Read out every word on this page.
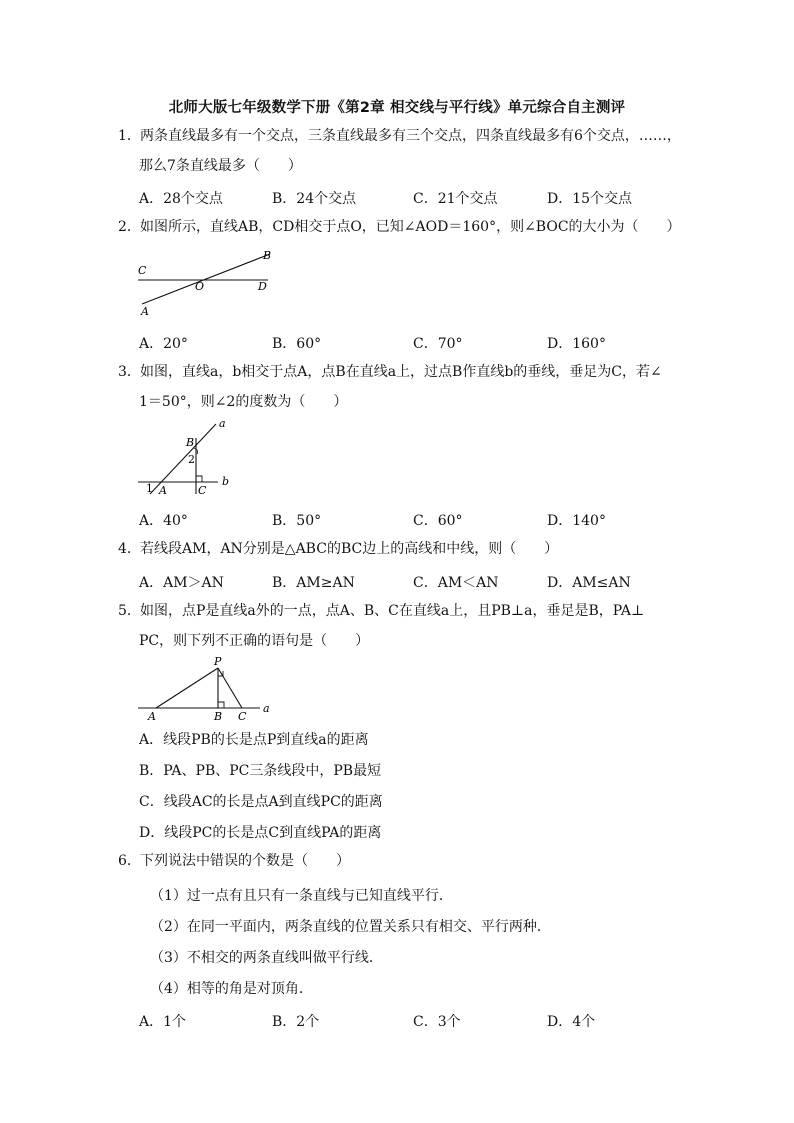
北师大版七年级数学下册《第2章 相交线与平行线》单元综合自主测评
1．两条直线最多有一个交点，三条直线最多有三个交点，四条直线最多有6个交点，……，
那么7条直线最多（　　）
A．28个交点	B．24个交点	C．21个交点	D．15个交点
2．如图所示，直线AB，CD相交于点O，已知∠AOD＝160°，则∠BOC的大小为（　　）
C
B
O	D
A
A．20°	B．60°	C．70°	D．160°
3．如图，直线a，b相交于点A，点B在直线a上，过点B作直线b的垂线，垂足为C，若∠
1＝50°，则∠2的度数为（　　）
a
B
2
1 A	C
b
A．40°	B．50°	C．60°	D．140°
4．若线段AM，AN分别是△ABC的BC边上的高线和中线，则（　　）
A．AM＞AN	B．AM≥AN	C．AM＜AN	D．AM≤AN
5．如图，点P是直线a外的一点，点A、B、C在直线a上，且PB⊥a，垂足是B，PA⊥
PC，则下列不正确的语句是（　　）
P
A	B C
a
A．线段PB的长是点P到直线a的距离
B．PA、PB、PC三条线段中，PB最短
C．线段AC的长是点A到直线PC的距离
D．线段PC的长是点C到直线PA的距离
6．下列说法中错误的个数是（　　）
（1）过一点有且只有一条直线与已知直线平行．
（2）在同一平面内，两条直线的位置关系只有相交、平行两种．
（3）不相交的两条直线叫做平行线．
（4）相等的角是对顶角．
A．1个	B．2个	C．3个	D．4个
